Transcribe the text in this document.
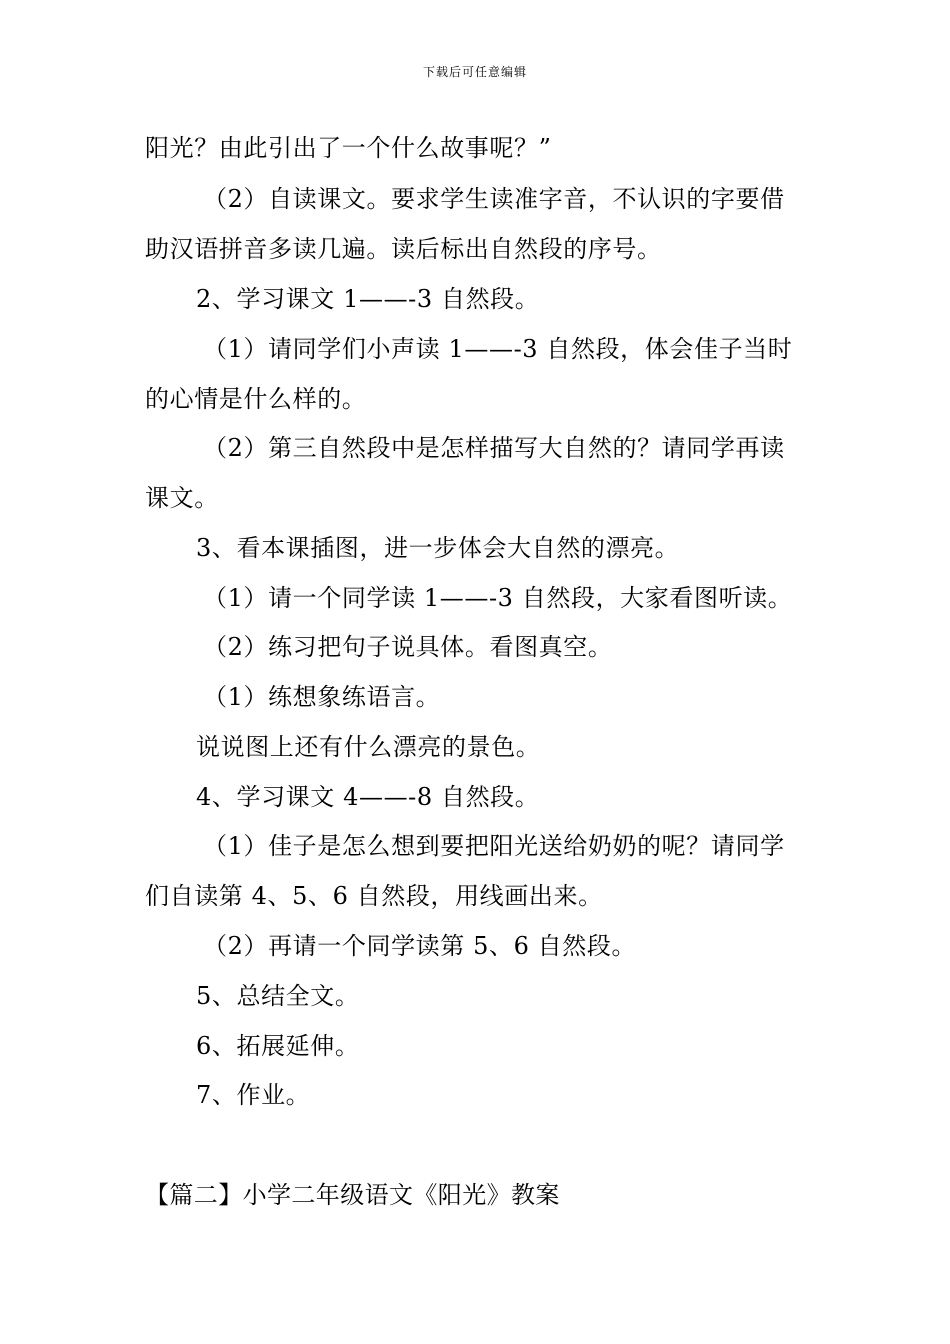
下载后可任意编辑
阳光？由此引出了一个什么故事呢？”
（2）自读课文。要求学生读准字音，不认识的字要借
助汉语拼音多读几遍。读后标出自然段的序号。
2、学习课文 1——-3 自然段。
（1）请同学们小声读 1——-3 自然段，体会佳子当时
的心情是什么样的。
（2）第三自然段中是怎样描写大自然的？请同学再读
课文。
3、看本课插图，进一步体会大自然的漂亮。
（1）请一个同学读 1——-3 自然段，大家看图听读。
（2）练习把句子说具体。看图真空。
（1）练想象练语言。
说说图上还有什么漂亮的景色。
4、学习课文 4——-8 自然段。
（1）佳子是怎么想到要把阳光送给奶奶的呢？请同学
们自读第 4、5、6 自然段，用线画出来。
（2）再请一个同学读第 5、6 自然段。
5、总结全文。
6、拓展延伸。
7、作业。
【篇二】小学二年级语文《阳光》教案
